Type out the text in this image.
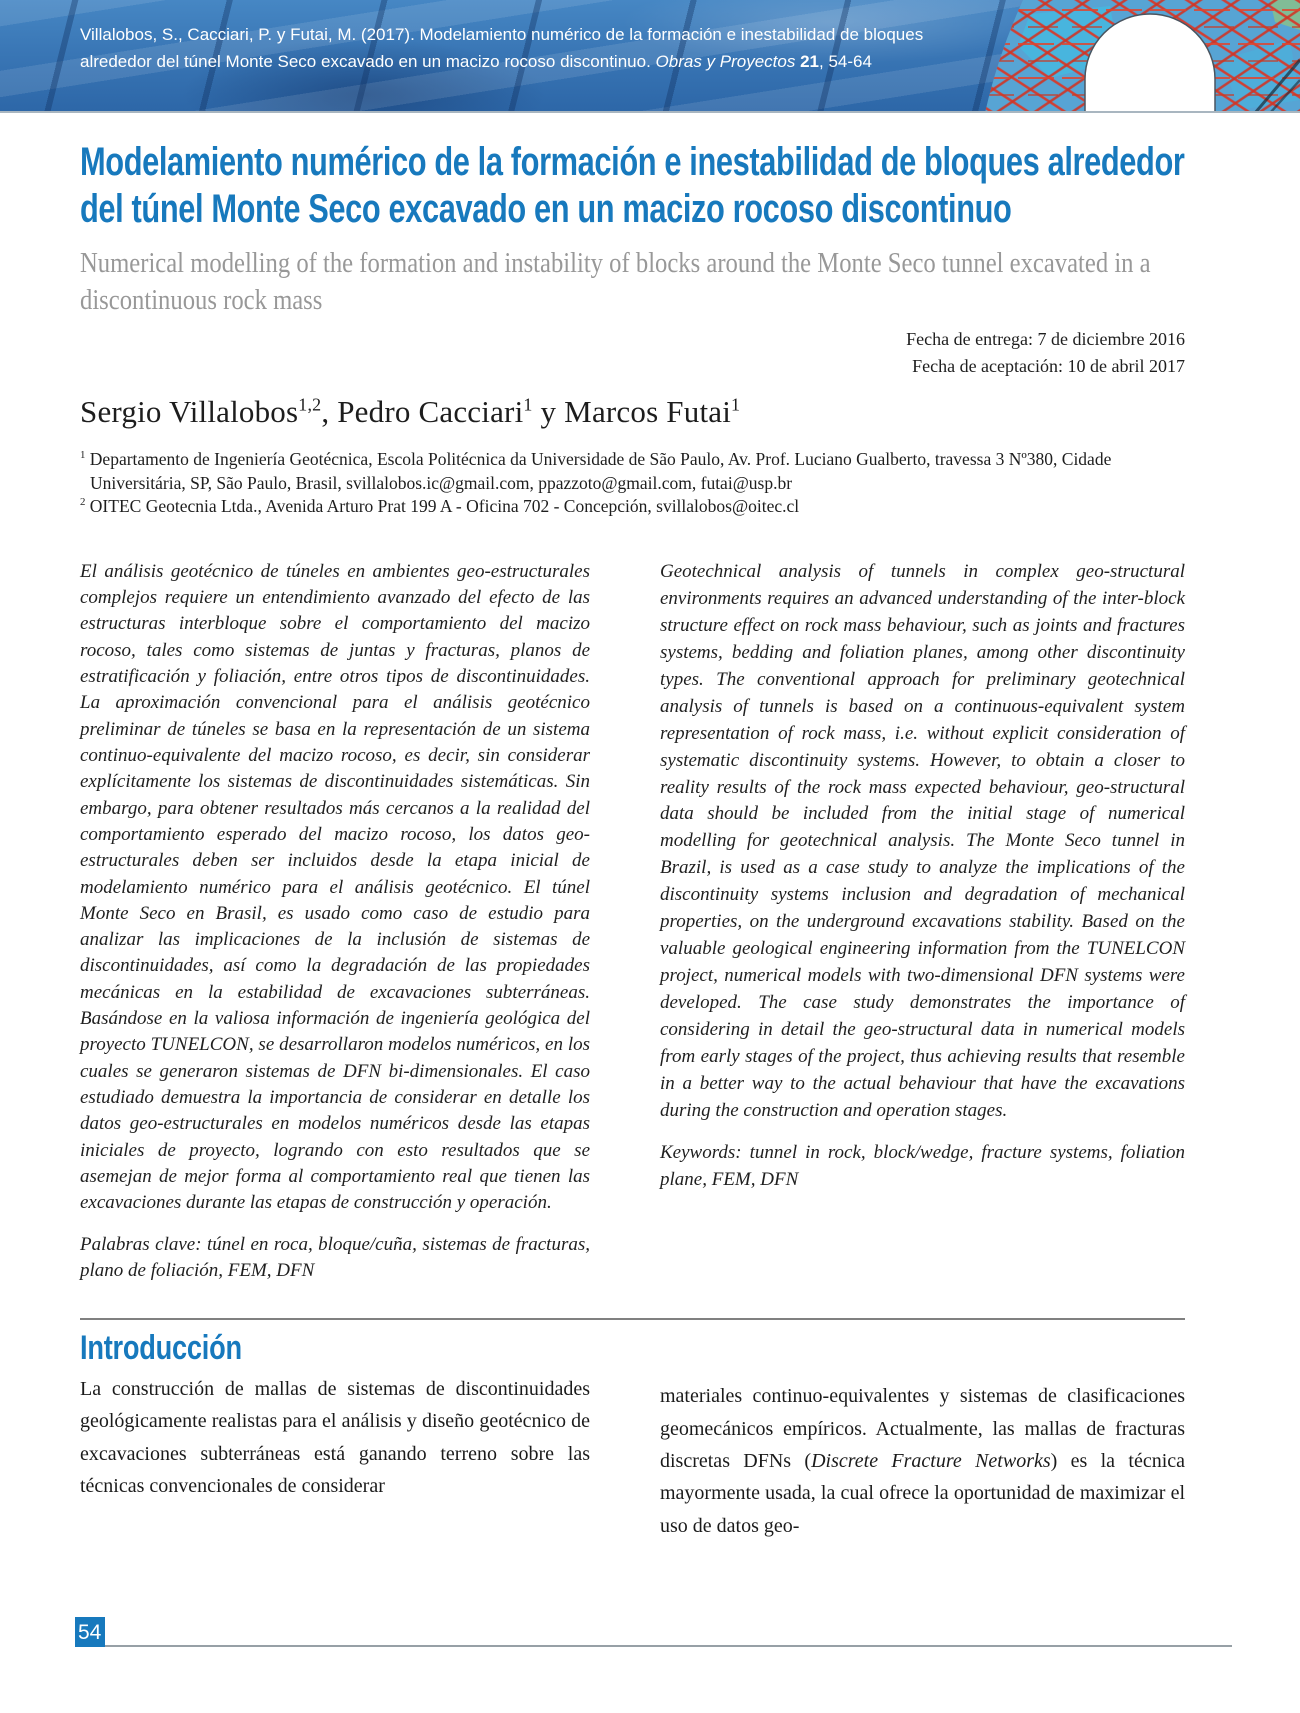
Villalobos, S., Cacciari, P. y Futai, M. (2017). Modelamiento numérico de la formación e inestabilidad de bloques alrededor del túnel Monte Seco excavado en un macizo rocoso discontinuo. Obras y Proyectos 21, 54-64

Modelamiento numérico de la formación e inestabilidad de bloques alrededor del túnel Monte Seco excavado en un macizo rocoso discontinuo
Numerical modelling of the formation and instability of blocks around the Monte Seco tunnel excavated in a discontinuous rock mass
Fecha de entrega: 7 de diciembre 2016
Fecha de aceptación: 10 de abril 2017
Sergio Villalobos$^{1,2}$, Pedro Cacciari$^1$ y Marcos Futai$^1$

$^1$ Departamento de Ingeniería Geotécnica, Escola Politécnica da Universidade de São Paulo, Av. Prof. Luciano Gualberto, travessa 3 Nº380, Cidade Universitária, SP, São Paulo, Brasil, svillalobos.ic@gmail.com, ppazzoto@gmail.com, futai@usp.br

$^2$ OITEC Geotecnia Ltda., Avenida Arturo Prat 199 A - Oficina 702 - Concepción, svillalobos@oitec.cl

El análisis geotécnico de túneles en ambientes geo-estructurales complejos requiere un entendimiento avanzado del efecto de las estructuras interbloque sobre el comportamiento del macizo rocoso, tales como sistemas de juntas y fracturas, planos de estratificación y foliación, entre otros tipos de discontinuidades. La aproximación convencional para el análisis geotécnico preliminar de túneles se basa en la representación de un sistema continuo-equivalente del macizo rocoso, es decir, sin considerar explícitamente los sistemas de discontinuidades sistemáticas. Sin embargo, para obtener resultados más cercanos a la realidad del comportamiento esperado del macizo rocoso, los datos geo-estructurales deben ser incluidos desde la etapa inicial de modelamiento numérico para el análisis geotécnico. El túnel Monte Seco en Brasil, es usado como caso de estudio para analizar las implicaciones de la inclusión de sistemas de discontinuidades, así como la degradación de las propiedades mecánicas en la estabilidad de excavaciones subterráneas. Basándose en la valiosa información de ingeniería geológica del proyecto TUNELCON, se desarrollaron modelos numéricos, en los cuales se generaron sistemas de DFN bi-dimensionales. El caso estudiado demuestra la importancia de considerar en detalle los datos geo-estructurales en modelos numéricos desde las etapas iniciales de proyecto, logrando con esto resultados que se asemejan de mejor forma al comportamiento real que tienen las excavaciones durante las etapas de construcción y operación.

Palabras clave: túnel en roca, bloque/cuña, sistemas de fracturas, plano de foliación, FEM, DFN

Geotechnical analysis of tunnels in complex geo-structural environments requires an advanced understanding of the inter-block structure effect on rock mass behaviour, such as joints and fractures systems, bedding and foliation planes, among other discontinuity types. The conventional approach for preliminary geotechnical analysis of tunnels is based on a continuous-equivalent system representation of rock mass, i.e. without explicit consideration of systematic discontinuity systems. However, to obtain a closer to reality results of the rock mass expected behaviour, geo-structural data should be included from the initial stage of numerical modelling for geotechnical analysis. The Monte Seco tunnel in Brazil, is used as a case study to analyze the implications of the discontinuity systems inclusion and degradation of mechanical properties, on the underground excavations stability. Based on the valuable geological engineering information from the TUNELCON project, numerical models with two-dimensional DFN systems were developed. The case study demonstrates the importance of considering in detail the geo-structural data in numerical models from early stages of the project, thus achieving results that resemble in a better way to the actual behaviour that have the excavations during the construction and operation stages.

Keywords: tunnel in rock, block/wedge, fracture systems, foliation plane, FEM, DFN

Introducción

La construcción de mallas de sistemas de discontinuidades geológicamente realistas para el análisis y diseño geotécnico de excavaciones subterráneas está ganando terreno sobre las técnicas convencionales de considerar

materiales continuo-equivalentes y sistemas de clasificaciones geomecánicos empíricos. Actualmente, las mallas de fracturas discretas DFNs (Discrete Fracture Networks) es la técnica mayormente usada, la cual ofrece la oportunidad de maximizar el uso de datos geo-

54
